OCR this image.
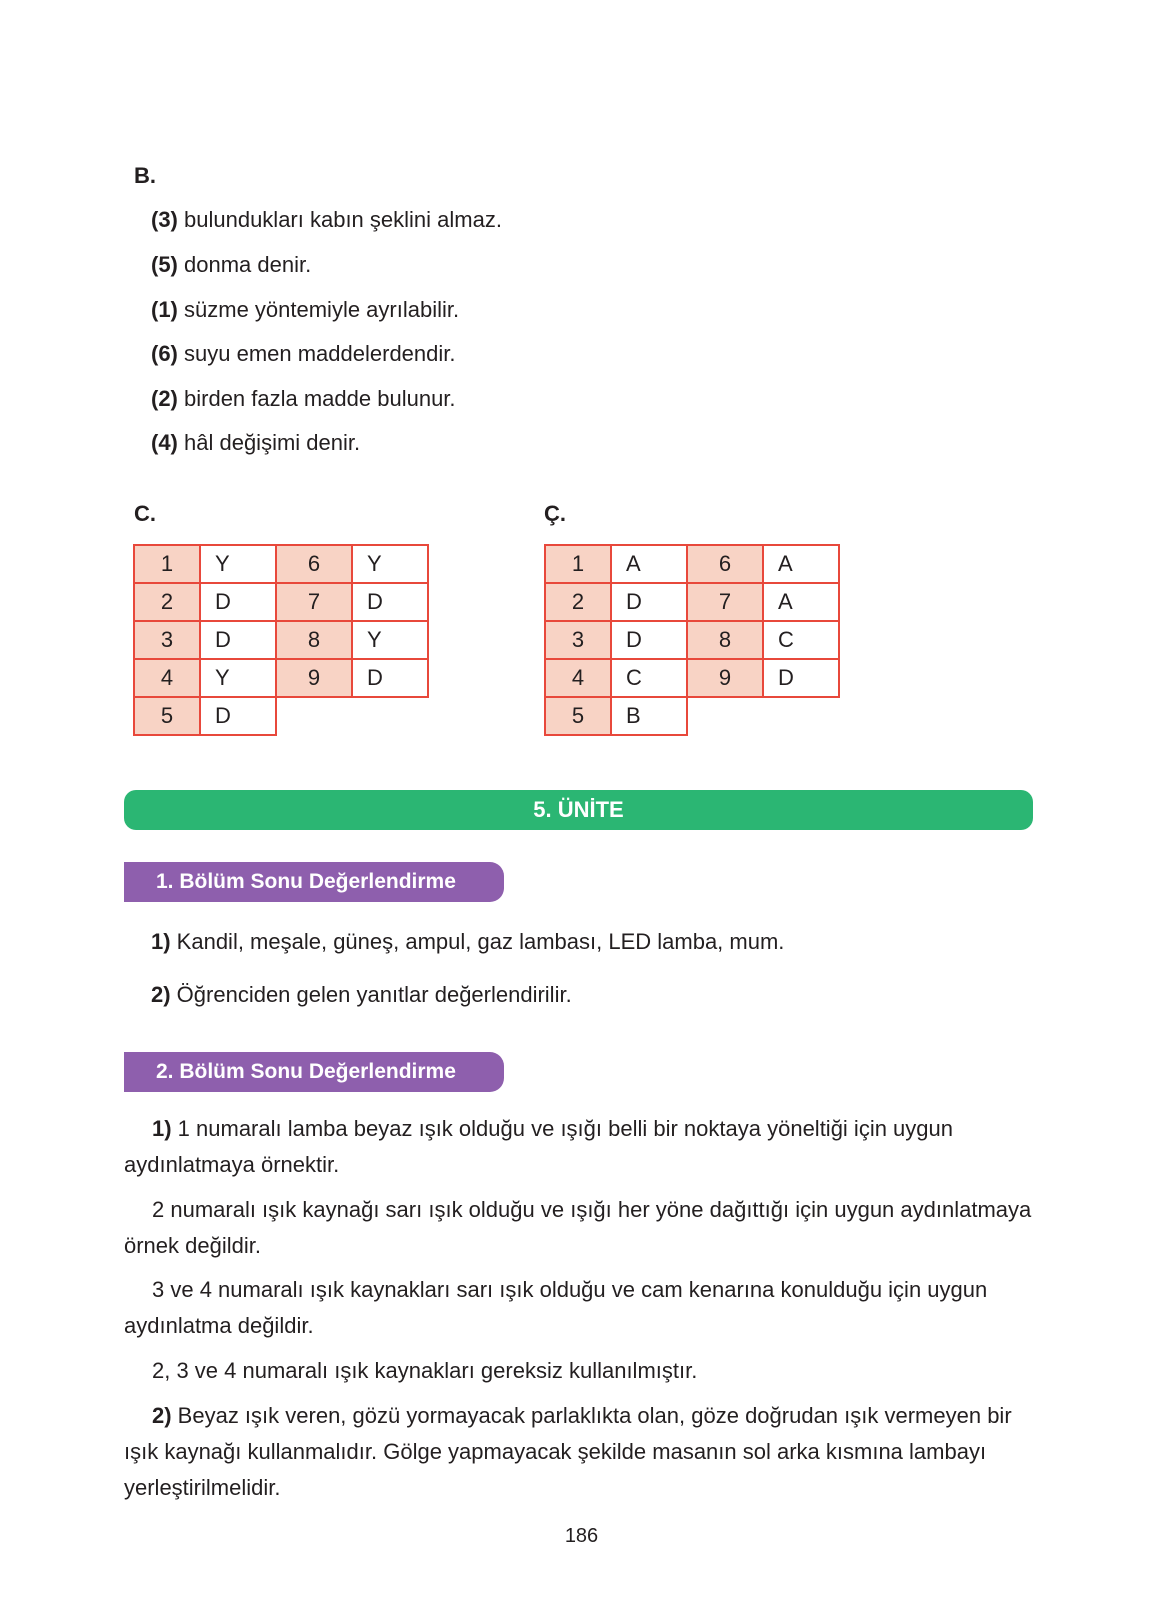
B.
(3) bulundukları kabın şeklini almaz.
(5) donma denir.
(1) süzme yöntemiyle ayrılabilir.
(6) suyu emen maddelerdendir.
(2) birden fazla madde bulunur.
(4) hâl değişimi denir.
C.
1	Y	6	Y
2	D	7	D
3	D	8	Y
4	Y	9	D
5	D		
Ç.
1	A	6	A
2	D	7	A
3	D	8	C
4	C	9	D
5	B		
5. ÜNİTE
1. Bölüm Sonu Değerlendirme
1) Kandil, meşale, güneş, ampul, gaz lambası, LED lamba, mum.
2) Öğrenciden gelen yanıtlar değerlendirilir.
2. Bölüm Sonu Değerlendirme
1) 1 numaralı lamba beyaz ışık olduğu ve ışığı belli bir noktaya yöneltiği için uygun aydınlatmaya örnektir.
2 numaralı ışık kaynağı sarı ışık olduğu ve ışığı her yöne dağıttığı için uygun aydınlatmaya örnek değildir.
3 ve 4 numaralı ışık kaynakları sarı ışık olduğu ve cam kenarına konulduğu için uygun aydınlatma değildir.
2, 3 ve 4 numaralı ışık kaynakları gereksiz kullanılmıştır.
2) Beyaz ışık veren, gözü yormayacak parlaklıkta olan, göze doğrudan ışık vermeyen bir ışık kaynağı kullanmalıdır. Gölge yapmayacak şekilde masanın sol arka kısmına lambayı yerleştirilmelidir.
186
